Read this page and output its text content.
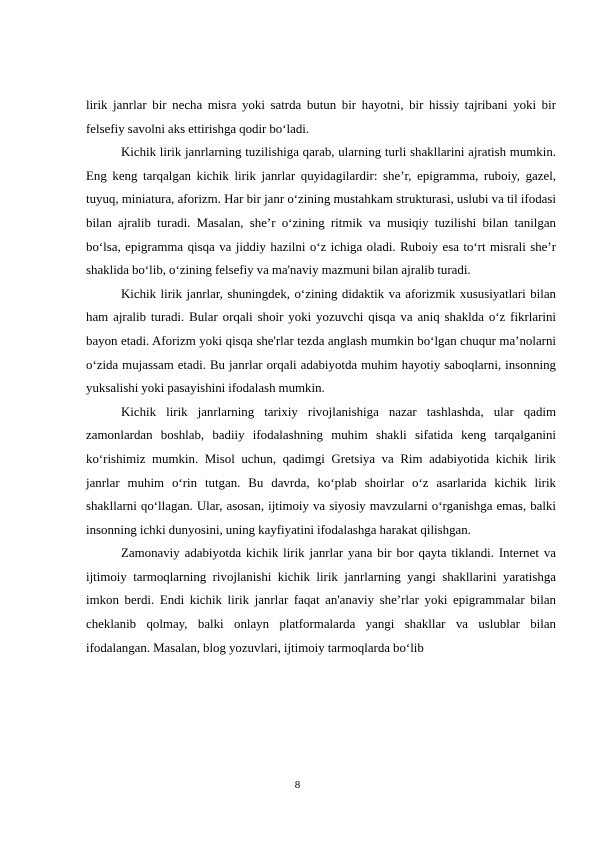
lirik janrlar bir necha misra yoki satrda butun bir hayotni, bir hissiy tajribani yoki bir felsefiy savolni aks ettirishga qodir bo‘ladi.

Kichik lirik janrlarning tuzilishiga qarab, ularning turli shakllarini ajratish mumkin. Eng keng tarqalgan kichik lirik janrlar quyidagilardir: she’r, epigramma, ruboiy, gazel, tuyuq, miniatura, aforizm. Har bir janr o‘zining mustahkam strukturasi, uslubi va til ifodasi bilan ajralib turadi. Masalan, she’r o‘zining ritmik va musiqiy tuzilishi bilan tanilgan bo‘lsa, epigramma qisqa va jiddiy hazilni o‘z ichiga oladi. Ruboiy esa to‘rt misrali she’r shaklida bo‘lib, o‘zining felsefiy va ma'naviy mazmuni bilan ajralib turadi.

Kichik lirik janrlar, shuningdek, o‘zining didaktik va aforizmik xususiyatlari bilan ham ajralib turadi. Bular orqali shoir yoki yozuvchi qisqa va aniq shaklda o‘z fikrlarini bayon etadi. Aforizm yoki qisqa she'rlar tezda anglash mumkin bo‘lgan chuqur ma’nolarni o‘zida mujassam etadi. Bu janrlar orqali adabiyotda muhim hayotiy saboqlarni, insonning yuksalishi yoki pasayishini ifodalash mumkin.

Kichik lirik janrlarning tarixiy rivojlanishiga nazar tashlashda, ular qadim zamonlardan boshlab, badiiy ifodalashning muhim shakli sifatida keng tarqalganini ko‘rishimiz mumkin. Misol uchun, qadimgi Gretsiya va Rim adabiyotida kichik lirik janrlar muhim o‘rin tutgan. Bu davrda, ko‘plab shoirlar o‘z asarlarida kichik lirik shakllarni qo‘llagan. Ular, asosan, ijtimoiy va siyosiy mavzularni o‘rganishga emas, balki insonning ichki dunyosini, uning kayfiyatini ifodalashga harakat qilishgan.

Zamonaviy adabiyotda kichik lirik janrlar yana bir bor qayta tiklandi. Internet va ijtimoiy tarmoqlarning rivojlanishi kichik lirik janrlarning yangi shakllarini yaratishga imkon berdi. Endi kichik lirik janrlar faqat an'anaviy she’rlar yoki epigrammalar bilan cheklanib qolmay, balki onlayn platformalarda yangi shakllar va uslublar bilan ifodalangan. Masalan, blog yozuvlari, ijtimoiy tarmoqlarda bo‘lib

8
